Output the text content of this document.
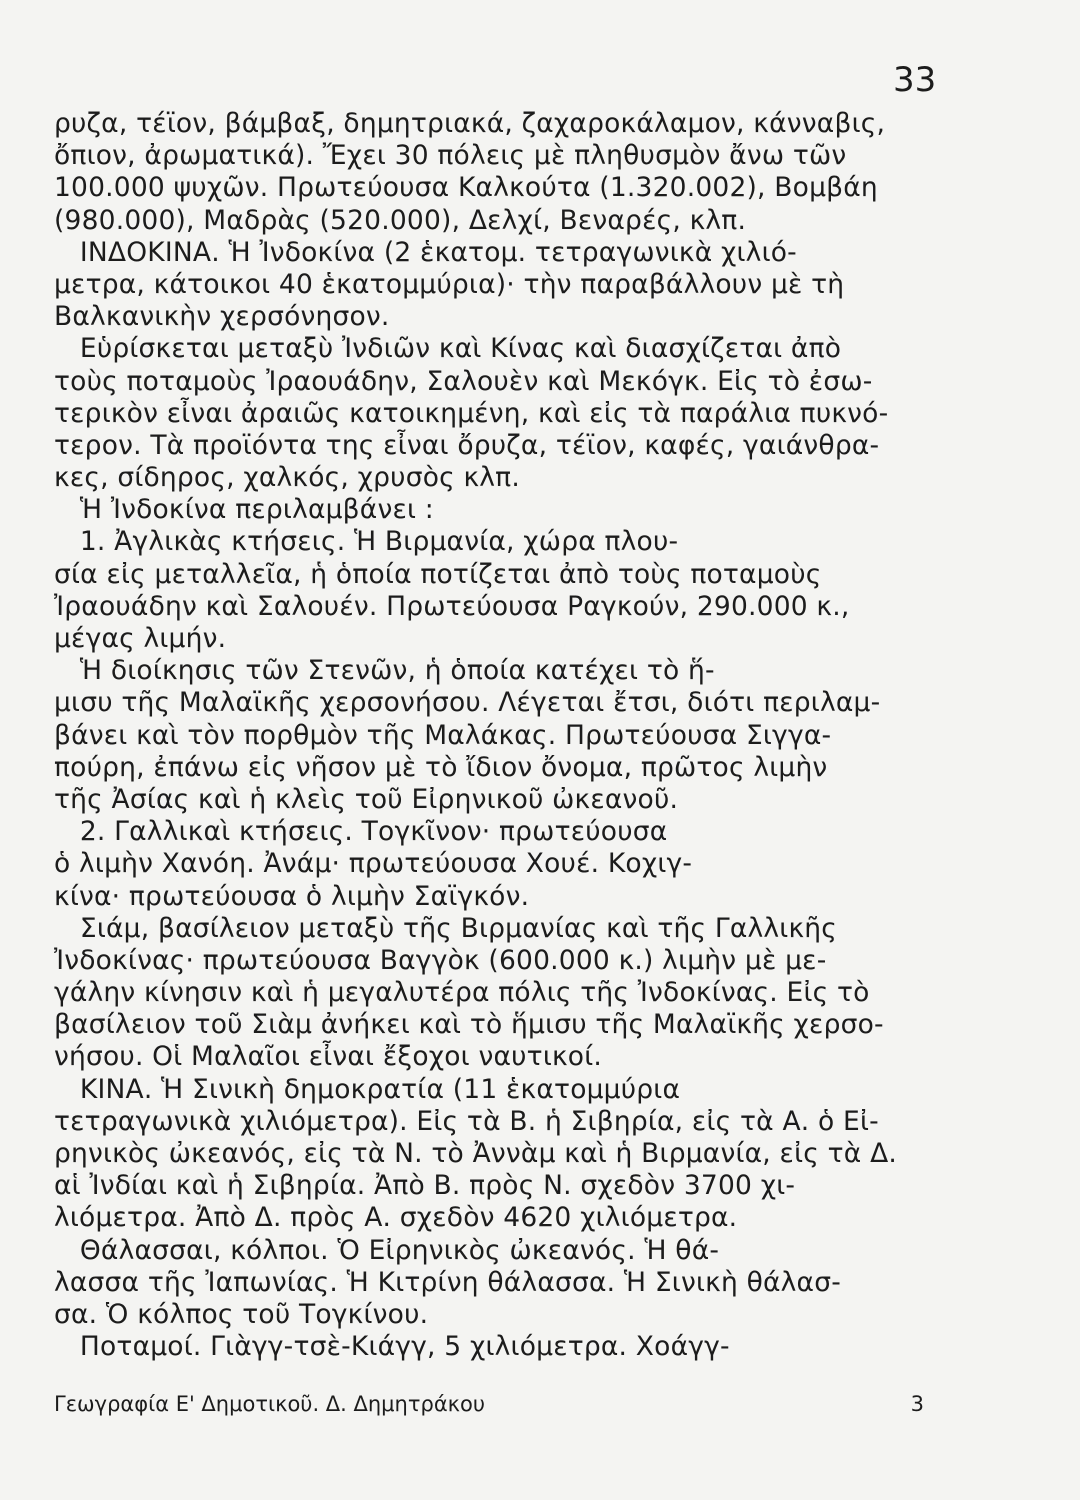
33
ρυζα, τέϊον, βάμβαξ, δημητριακά, ζαχαροκάλαμον, κάνναβις,
ὄπιον, ἀρωματικά). Ἔχει 30 πόλεις μὲ πληθυσμὸν ἄνω τῶν
100.000 ψυχῶν. Πρωτεύουσα Καλκούτα (1.320.002), Βομβάη
(980.000), Μαδρὰς (520.000), Δελχί, Βεναρές, κλπ.
ΙΝΔΟΚΙΝΑ. Ἡ Ἰνδοκίνα (2 ἑκατομ. τετραγωνικὰ χιλιό-
μετρα, κάτοικοι 40 ἑκατομμύρια)· τὴν παραβάλλουν μὲ τὴ
Βαλκανικὴν χερσόνησον.
Εὑρίσκεται μεταξὺ Ἰνδιῶν καὶ Κίνας καὶ διασχίζεται ἀπὸ
τοὺς ποταμοὺς Ἰραουάδην, Σαλουὲν καὶ Μεκόγκ. Εἰς τὸ ἐσω-
τερικὸν εἶναι ἀραιῶς κατοικημένη, καὶ εἰς τὰ παράλια πυκνό-
τερον. Τὰ προϊόντα της εἶναι ὄρυζα, τέϊον, καφές, γαιάνθρα-
κες, σίδηρος, χαλκός, χρυσὸς κλπ.
Ἡ Ἰνδοκίνα περιλαμβάνει :
1. Ἀγλικὰς κτήσεις. Ἡ Βιρμανία, χώρα πλου-
σία εἰς μεταλλεῖα, ἡ ὁποία ποτίζεται ἀπὸ τοὺς ποταμοὺς
Ἰραουάδην καὶ Σαλουέν. Πρωτεύουσα Ραγκούν, 290.000 κ.,
μέγας λιμήν.
Ἡ διοίκησις τῶν Στενῶν, ἡ ὁποία κατέχει τὸ ἥ-
μισυ τῆς Μαλαϊκῆς χερσονήσου. Λέγεται ἔτσι, διότι περιλαμ-
βάνει καὶ τὸν πορθμὸν τῆς Μαλάκας. Πρωτεύουσα Σιγγα-
πούρη, ἐπάνω εἰς νῆσον μὲ τὸ ἴδιον ὄνομα, πρῶτος λιμὴν
τῆς Ἀσίας καὶ ἡ κλεὶς τοῦ Εἰρηνικοῦ ὠκεανοῦ.
2. Γαλλικαὶ κτήσεις. Τογκῖνον· πρωτεύουσα
ὁ λιμὴν Χανόη. Ἀνάμ· πρωτεύουσα Χουέ. Κοχιγ-
κίνα· πρωτεύουσα ὁ λιμὴν Σαϊγκόν.
Σιάμ, βασίλειον μεταξὺ τῆς Βιρμανίας καὶ τῆς Γαλλικῆς
Ἰνδοκίνας· πρωτεύουσα Βαγγὸκ (600.000 κ.) λιμὴν μὲ με-
γάλην κίνησιν καὶ ἡ μεγαλυτέρα πόλις τῆς Ἰνδοκίνας. Εἰς τὸ
βασίλειον τοῦ Σιὰμ ἀνήκει καὶ τὸ ἥμισυ τῆς Μαλαϊκῆς χερσο-
νήσου. Οἱ Μαλαῖοι εἶναι ἔξοχοι ναυτικοί.
ΚΙΝΑ. Ἡ Σινικὴ δημοκρατία (11 ἑκατομμύρια
τετραγωνικὰ χιλιόμετρα). Εἰς τὰ Β. ἡ Σιβηρία, εἰς τὰ Α. ὁ Εἰ-
ρηνικὸς ὠκεανός, εἰς τὰ Ν. τὸ Ἀννὰμ καὶ ἡ Βιρμανία, εἰς τὰ Δ.
αἱ Ἰνδίαι καὶ ἡ Σιβηρία. Ἀπὸ Β. πρὸς Ν. σχεδὸν 3700 χι-
λιόμετρα. Ἀπὸ Δ. πρὸς Α. σχεδὸν 4620 χιλιόμετρα.
Θάλασσαι, κόλποι. Ὁ Εἰρηνικὸς ὠκεανός. Ἡ θά-
λασσα τῆς Ἰαπωνίας. Ἡ Κιτρίνη θάλασσα. Ἡ Σινικὴ θάλασ-
σα. Ὁ κόλπος τοῦ Τογκίνου.
Ποταμοί. Γιὰγγ-τσὲ-Κιάγγ, 5 χιλιόμετρα. Χοάγγ-
Γεωγραφία Ε' Δημοτικοῦ. Δ. Δημητράκου	3
